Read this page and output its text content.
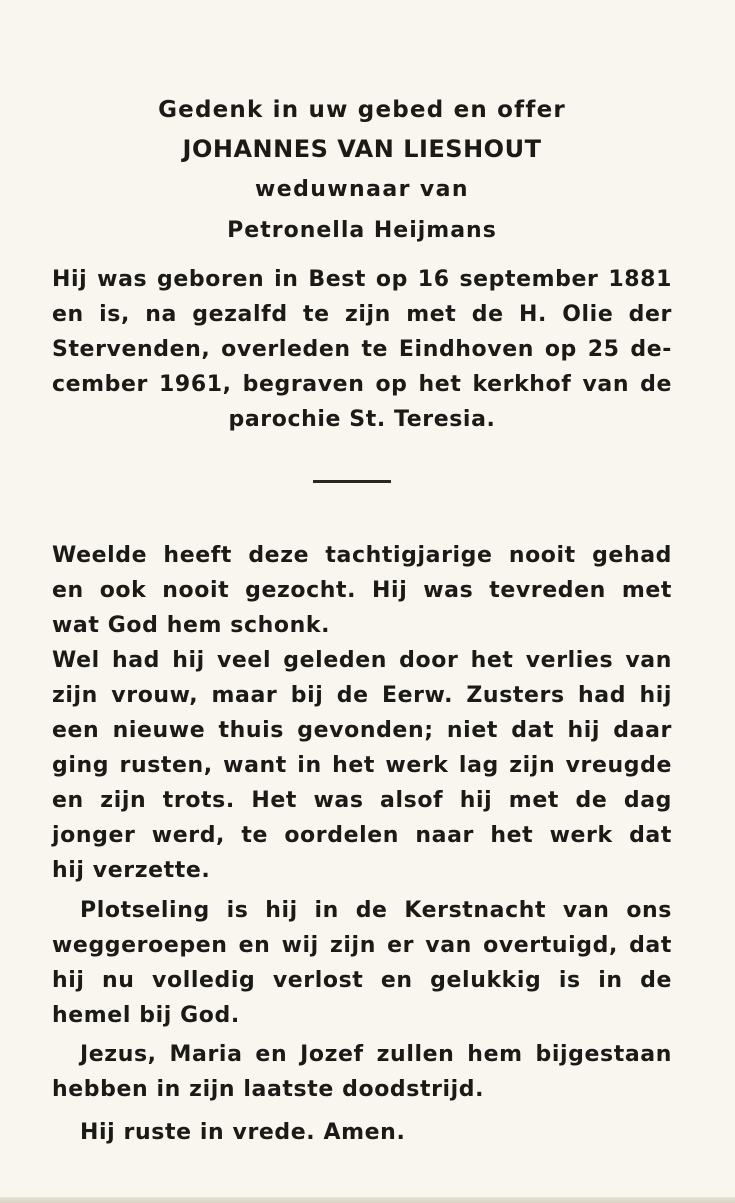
Gedenk in uw gebed en offer
JOHANNES VAN LIESHOUT
weduwnaar van
Petronella Heijmans
Hij was geboren in Best op 16 september 1881
en is, na gezalfd te zijn met de H. Olie der
Stervenden, overleden te Eindhoven op 25 de-
cember 1961, begraven op het kerkhof van de
parochie St. Teresia.
Weelde heeft deze tachtigjarige nooit gehad
en ook nooit gezocht. Hij was tevreden met
wat God hem schonk.
Wel had hij veel geleden door het verlies van
zijn vrouw, maar bij de Eerw. Zusters had hij
een nieuwe thuis gevonden; niet dat hij daar
ging rusten, want in het werk lag zijn vreugde
en zijn trots. Het was alsof hij met de dag
jonger werd, te oordelen naar het werk dat
hij verzette.
Plotseling is hij in de Kerstnacht van ons
weggeroepen en wij zijn er van overtuigd, dat
hij nu volledig verlost en gelukkig is in de
hemel bij God.
Jezus, Maria en Jozef zullen hem bijgestaan
hebben in zijn laatste doodstrijd.
Hij ruste in vrede. Amen.
